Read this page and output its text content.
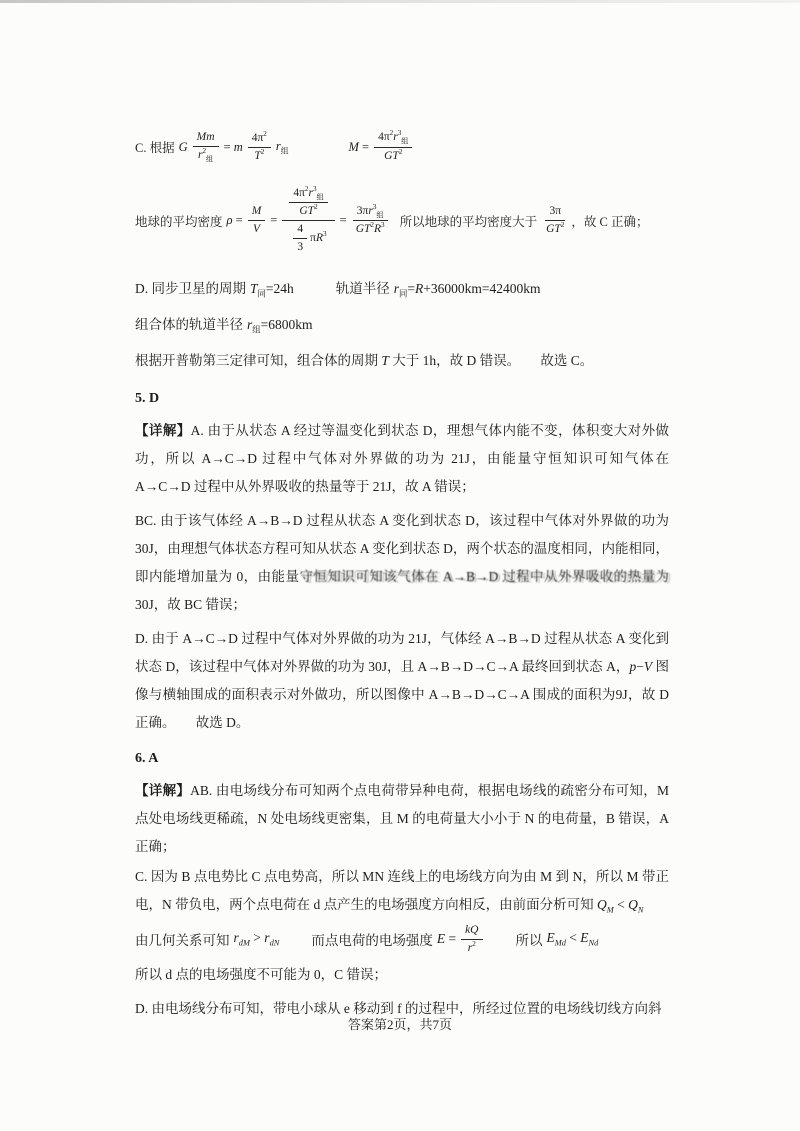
C. 根据 G $\frac{Mm}{r^2_组} = m \frac{4\pi^2}{T^2} r_组$	$M = \frac{4\pi^2r^3_组}{GT^2}$
地球的平均密度 $\rho = \frac{M}{V} = \frac{\frac{4\pi^2r^3_组}{GT^2}}{\frac{4}{3} \pi R^3} = \frac{3\pi r^3_组}{GT^2R^3}$ 所以地球的平均密度大于 $\frac{3\pi}{GT^2}$ ，故 C 正确；
D. 同步卫星的周期 $T_同=24h$	轨道半径 $r_同=R+36000km=42400km$
组合体的轨道半径 $r_组=6800km$

根据开普勒第三定律可知，组合体的周期 T 大于 1h，故 D 错误。　　故选 C。

5. D

【详解】A. 由于从状态 A 经过等温变化到状态 D，理想气体内能不变，体积变大对外做功，所以 A→C→D 过程中气体对外界做的功为 21J，由能量守恒知识可知气体在 A→C→D 过程中从外界吸收的热量等于 21J，故 A 错误；

BC. 由于该气体经 A→B→D 过程从状态 A 变化到状态 D，该过程中气体对外界做的功为 30J，由理想气体状态方程可知从状态 A 变化到状态 D，两个状态的温度相同，内能相同，即内能增加量为 0，由能量守恒知识可知该气体在 A→B→D 过程中从外界吸收的热量为 30J，故 BC 错误；

D. 由于 A→C→D 过程中气体对外界做的功为 21J，气体经 A→B→D 过程从状态 A 变化到状态 D，该过程中气体对外界做的功为 30J，且 A→B→D→C→A 最终回到状态 A，p−V 图像与横轴围成的面积表示对外做功，所以图像中 A→B→D→C→A 围成的面积为9J，故 D 正确。　　故选 D。

6. A

【详解】AB. 由电场线分布可知两个点电荷带异种电荷，根据电场线的疏密分布可知，M 点处电场线更稀疏，N 处电场线更密集，且 M 的电荷量大小小于 N 的电荷量，B 错误，A 正确；

C. 因为 B 点电势比 C 点电势高，所以 MN 连线上的电场线方向为由 M 到 N，所以 M 带正电，N 带负电，两个点电荷在 d 点产生的电场强度方向相反，由前面分析可知 $Q_M < Q_N$

由几何关系可知 $r_{dM} > r_{dN}$ 而点电荷的电场强度 $E = \frac{kQ}{r^2}$ 所以 $E_{Md} < E_{Nd}$

所以 d 点的电场强度不可能为 0，C 错误；

D. 由电场线分布可知，带电小球从 e 移动到 f 的过程中，所经过位置的电场线切线方向斜

答案第2页，共7页
